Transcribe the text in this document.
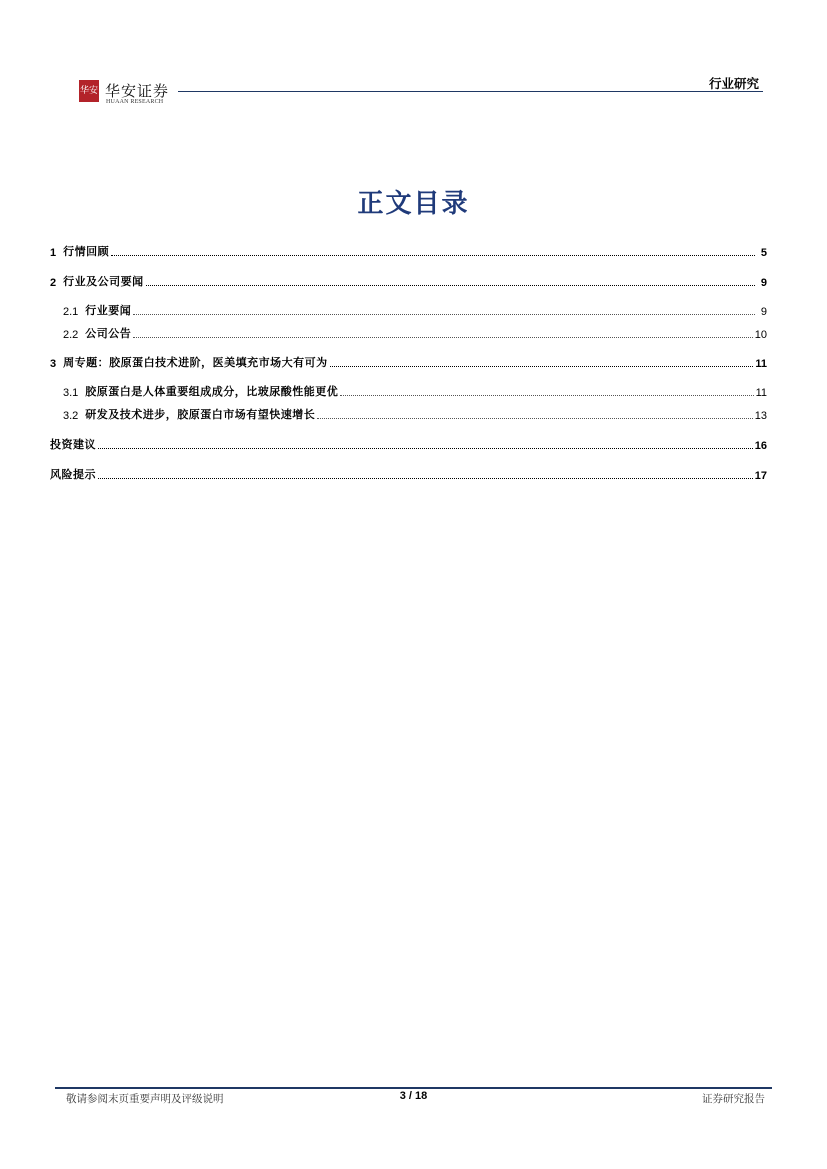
华安 华安证券
HUAAN RESEARCH
行业研究
正文目录
1 行情回顾	5
2 行业及公司要闻	9
2.1 行业要闻	9
2.2 公司公告	10
3 周专题：胶原蛋白技术进阶，医美填充市场大有可为	11
3.1 胶原蛋白是人体重要组成成分，比玻尿酸性能更优	11
3.2 研发及技术进步，胶原蛋白市场有望快速增长	13
投资建议	16
风险提示	17
敬请参阅末页重要声明及评级说明	3 / 18	证券研究报告
